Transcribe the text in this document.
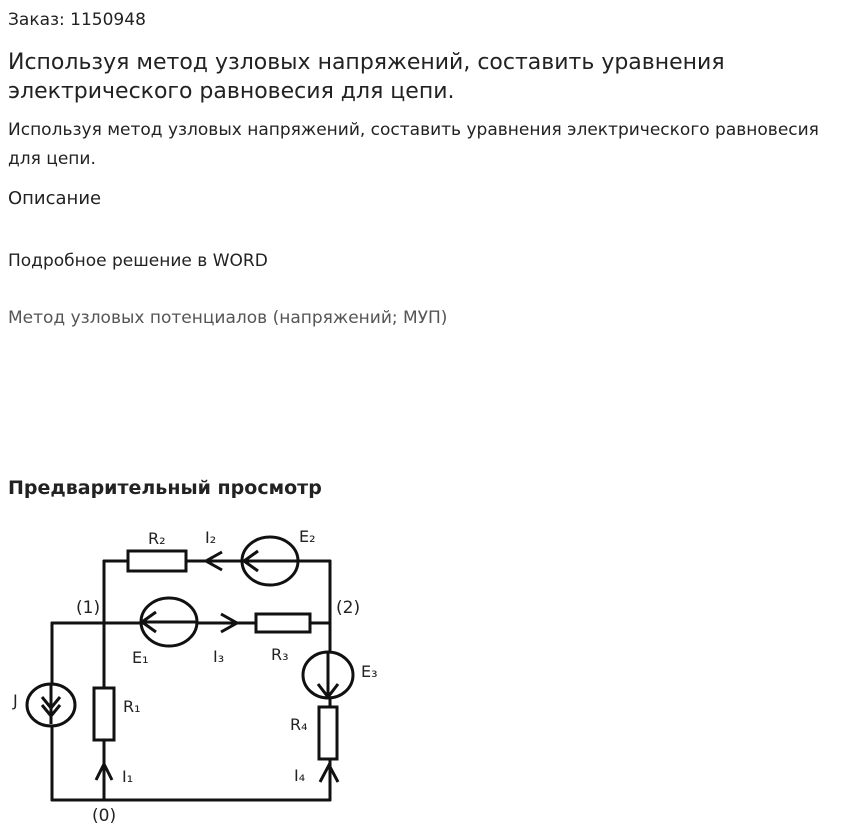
Заказ: 1150948
Используя метод узловых напряжений, составить уравнения электрического равновесия для цепи.
Используя метод узловых напряжений, составить уравнения электрического равновесия для цепи.
Описание
Подробное решение в WORD
Метод узловых потенциалов (напряжений; МУП)
Предварительный просмотр
R₂ I₂	E₂
(1)	(2)
E₁	I₃	R₃
E₃
J	R₁
R₄
I₁	I₄
(0)
